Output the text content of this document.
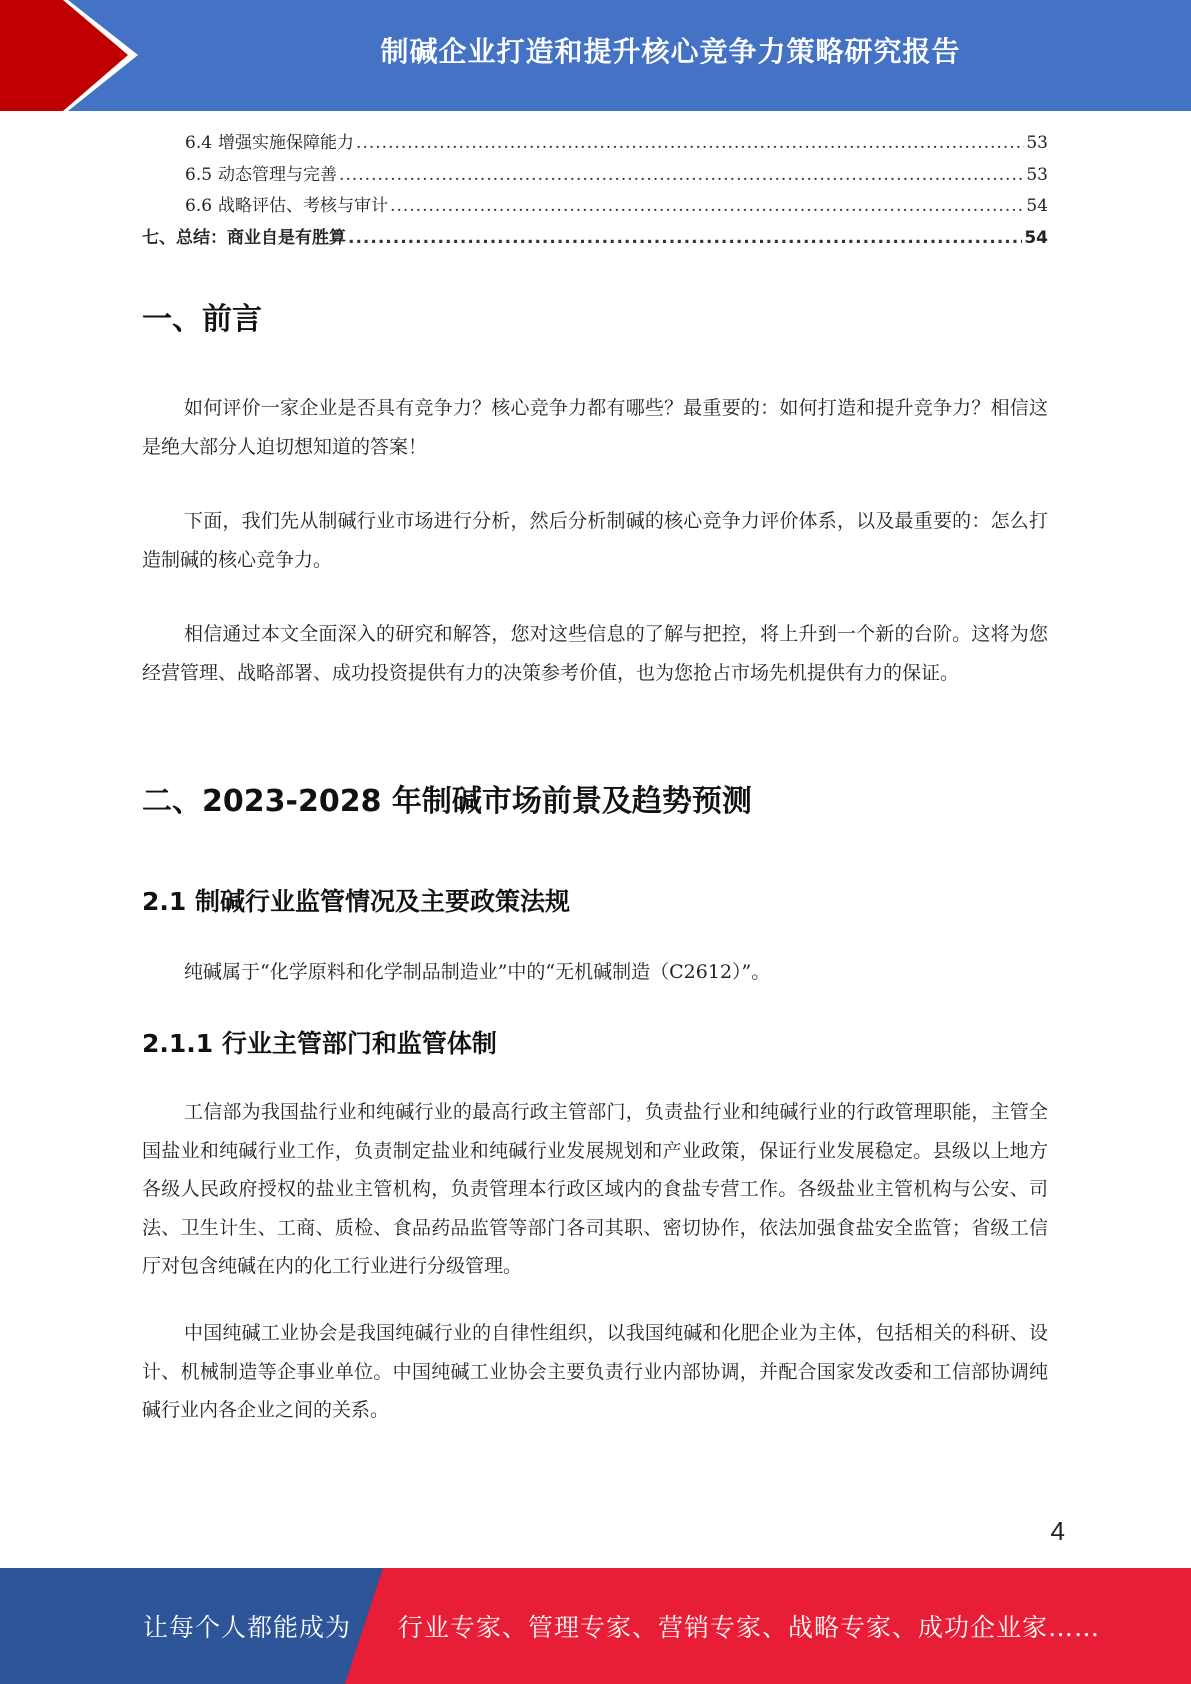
制碱企业打造和提升核心竞争力策略研究报告
6.4 增强实施保障能力 .....	53
6.5 动态管理与完善 .....	53
6.6 战略评估、考核与审计 .....	54
七、总结：商业自是有胜算 .....	54
一、前言

如何评价一家企业是否具有竞争力？核心竞争力都有哪些？最重要的：如何打造和提升竞争力？相信这是绝大部分人迫切想知道的答案！

下面，我们先从制碱行业市场进行分析，然后分析制碱的核心竞争力评价体系，以及最重要的：怎么打造制碱的核心竞争力。

相信通过本文全面深入的研究和解答，您对这些信息的了解与把控，将上升到一个新的台阶。这将为您经营管理、战略部署、成功投资提供有力的决策参考价值，也为您抢占市场先机提供有力的保证。

二、2023-2028 年制碱市场前景及趋势预测
2.1 制碱行业监管情况及主要政策法规

纯碱属于“化学原料和化学制品制造业”中的“无机碱制造（C2612）”。

2.1.1 行业主管部门和监管体制

工信部为我国盐行业和纯碱行业的最高行政主管部门，负责盐行业和纯碱行业的行政管理职能，主管全国盐业和纯碱行业工作，负责制定盐业和纯碱行业发展规划和产业政策，保证行业发展稳定。县级以上地方各级人民政府授权的盐业主管机构，负责管理本行政区域内的食盐专营工作。各级盐业主管机构与公安、司法、卫生计生、工商、质检、食品药品监管等部门各司其职、密切协作，依法加强食盐安全监管；省级工信厅对包含纯碱在内的化工行业进行分级管理。

中国纯碱工业协会是我国纯碱行业的自律性组织，以我国纯碱和化肥企业为主体，包括相关的科研、设计、机械制造等企事业单位。中国纯碱工业协会主要负责行业内部协调，并配合国家发改委和工信部协调纯碱行业内各企业之间的关系。

4
让每个人都能成为 行业专家、管理专家、营销专家、战略专家、成功企业家……
